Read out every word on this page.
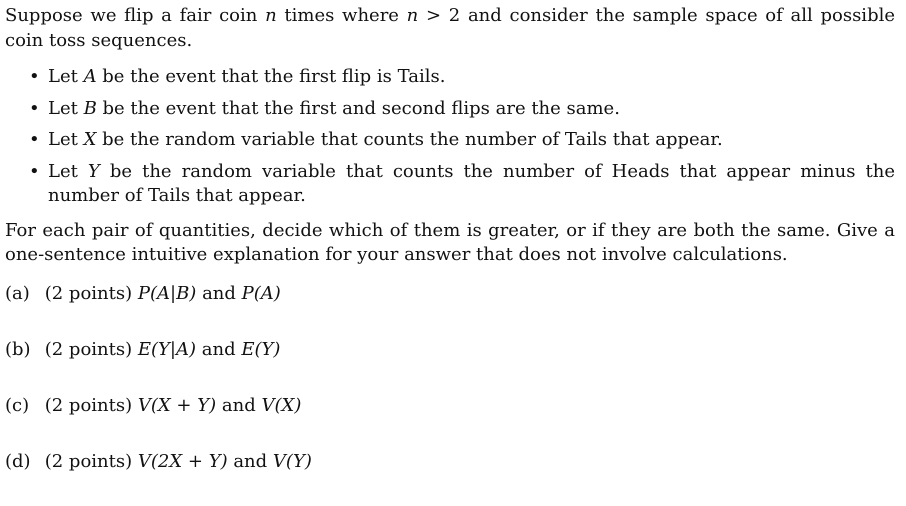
Suppose we flip a fair coin n times where n > 2 and consider the sample space of all possible coin toss sequences.

• Let A be the event that the first flip is Tails.
• Let B be the event that the first and second flips are the same.
• Let X be the random variable that counts the number of Tails that appear.
• Let Y be the random variable that counts the number of Heads that appear minus the number of Tails that appear.

For each pair of quantities, decide which of them is greater, or if they are both the same. Give a one-sentence intuitive explanation for your answer that does not involve calculations.

(a) (2 points) P(A|B) and P(A)

(b) (2 points) E(Y|A) and E(Y)

(c) (2 points) V(X + Y) and V(X)

(d) (2 points) V(2X + Y) and V(Y)
